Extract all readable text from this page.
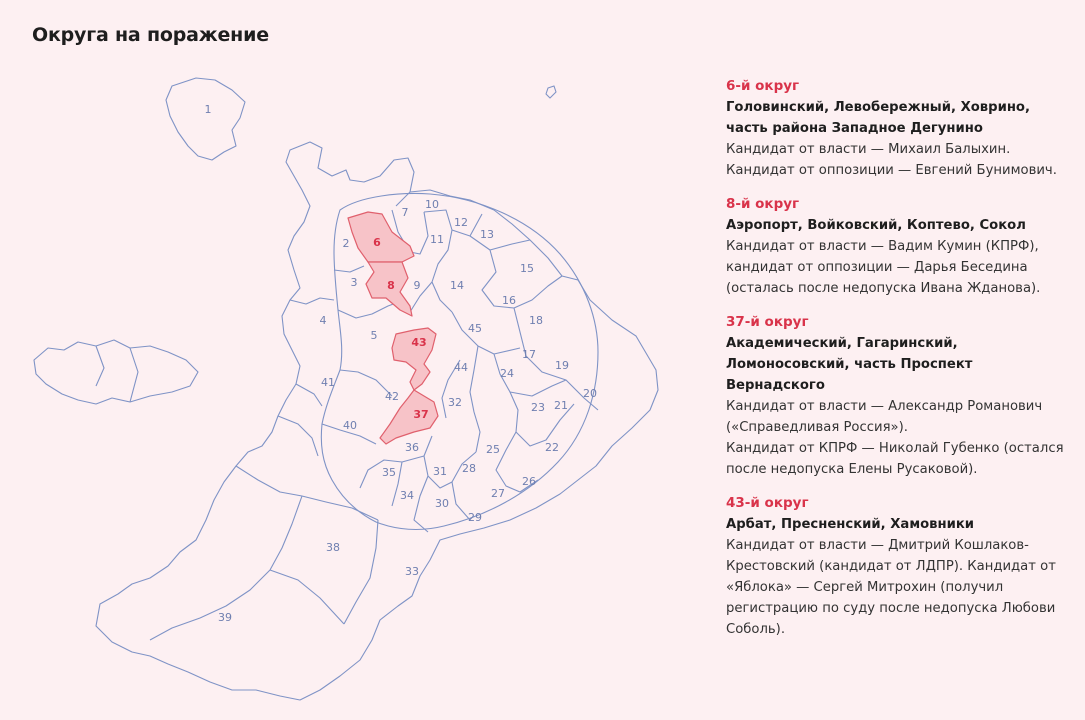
Округа на поражение
1
2
3
4
5
6
7
8 9
10
11
12
13
14
15
16
17
18
19
20
21
22
23
24
25
26
27
28
29
30
31
32
33
34
35
36
37
38
39
40
41
42
43
44
45

6-й округ

Головинский, Левобережный, Ховрино, часть района Западное Дегунино

Кандидат от власти — Михаил Балыхин.

Кандидат от оппозиции — Евгений Бунимович.

8-й округ

Аэропорт, Войковский, Коптево, Сокол

Кандидат от власти — Вадим Кумин (КПРФ), кандидат от оппозиции — Дарья Беседина (осталась после недопуска Ивана Жданова).

37-й округ

Академический, Гагаринский, Ломоносовский, часть Проспект Вернадского

Кандидат от власти — Александр Романович («Справедливая Россия»).

Кандидат от КПРФ — Николай Губенко (остался после недопуска Елены Русаковой).

43-й округ

Арбат, Пресненский, Хамовники

Кандидат от власти — Дмитрий Кошлаков-Крестовский (кандидат от ЛДПР). Кандидат от «Яблока» — Сергей Митрохин (получил регистрацию по суду после недопуска Любови Соболь).
